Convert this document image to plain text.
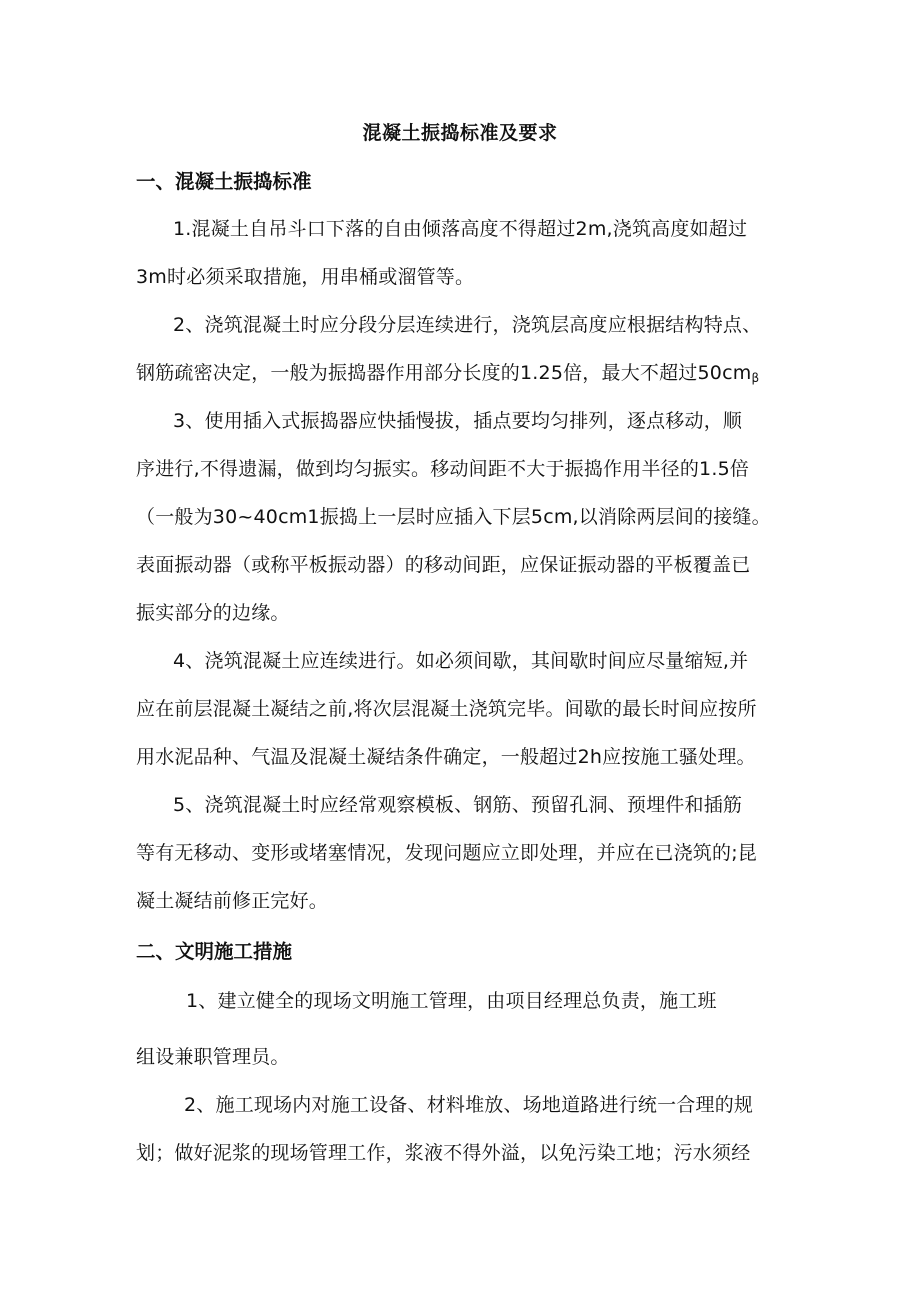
混凝土振捣标准及要求
一、混凝土振捣标准
1.混凝土自吊斗口下落的自由倾落高度不得超过2m,浇筑高度如超过
3m时必须采取措施，用串桶或溜管等。
2、浇筑混凝土时应分段分层连续进行，浇筑层高度应根据结构特点、
钢筋疏密决定，一般为振捣器作用部分长度的1.25倍，最大不超过$50cm_\beta$
3、使用插入式振捣器应快插慢拔，插点要均匀排列，逐点移动，顺
序进行,不得遗漏，做到均匀振实。移动间距不大于振捣作用半径的1.5倍
（一般为30~40cm1振捣上一层时应插入下层5cm,以消除两层间的接缝。
表面振动器（或称平板振动器）的移动间距，应保证振动器的平板覆盖已
振实部分的边缘。
4、浇筑混凝土应连续进行。如必须间歇，其间歇时间应尽量缩短,并
应在前层混凝土凝结之前,将次层混凝土浇筑完毕。间歇的最长时间应按所
用水泥品种、气温及混凝土凝结条件确定，一般超过2h应按施工骚处理。
5、浇筑混凝土时应经常观察模板、钢筋、预留孔洞、预埋件和插筋
等有无移动、变形或堵塞情况，发现问题应立即处理，并应在已浇筑的;昆
凝土凝结前修正完好。
二、文明施工措施
1、建立健全的现场文明施工管理，由项目经理总负责，施工班
组设兼职管理员。
2、施工现场内对施工设备、材料堆放、场地道路进行统一合理的规
划；做好泥浆的现场管理工作，浆液不得外溢，以免污染工地；污水须经
